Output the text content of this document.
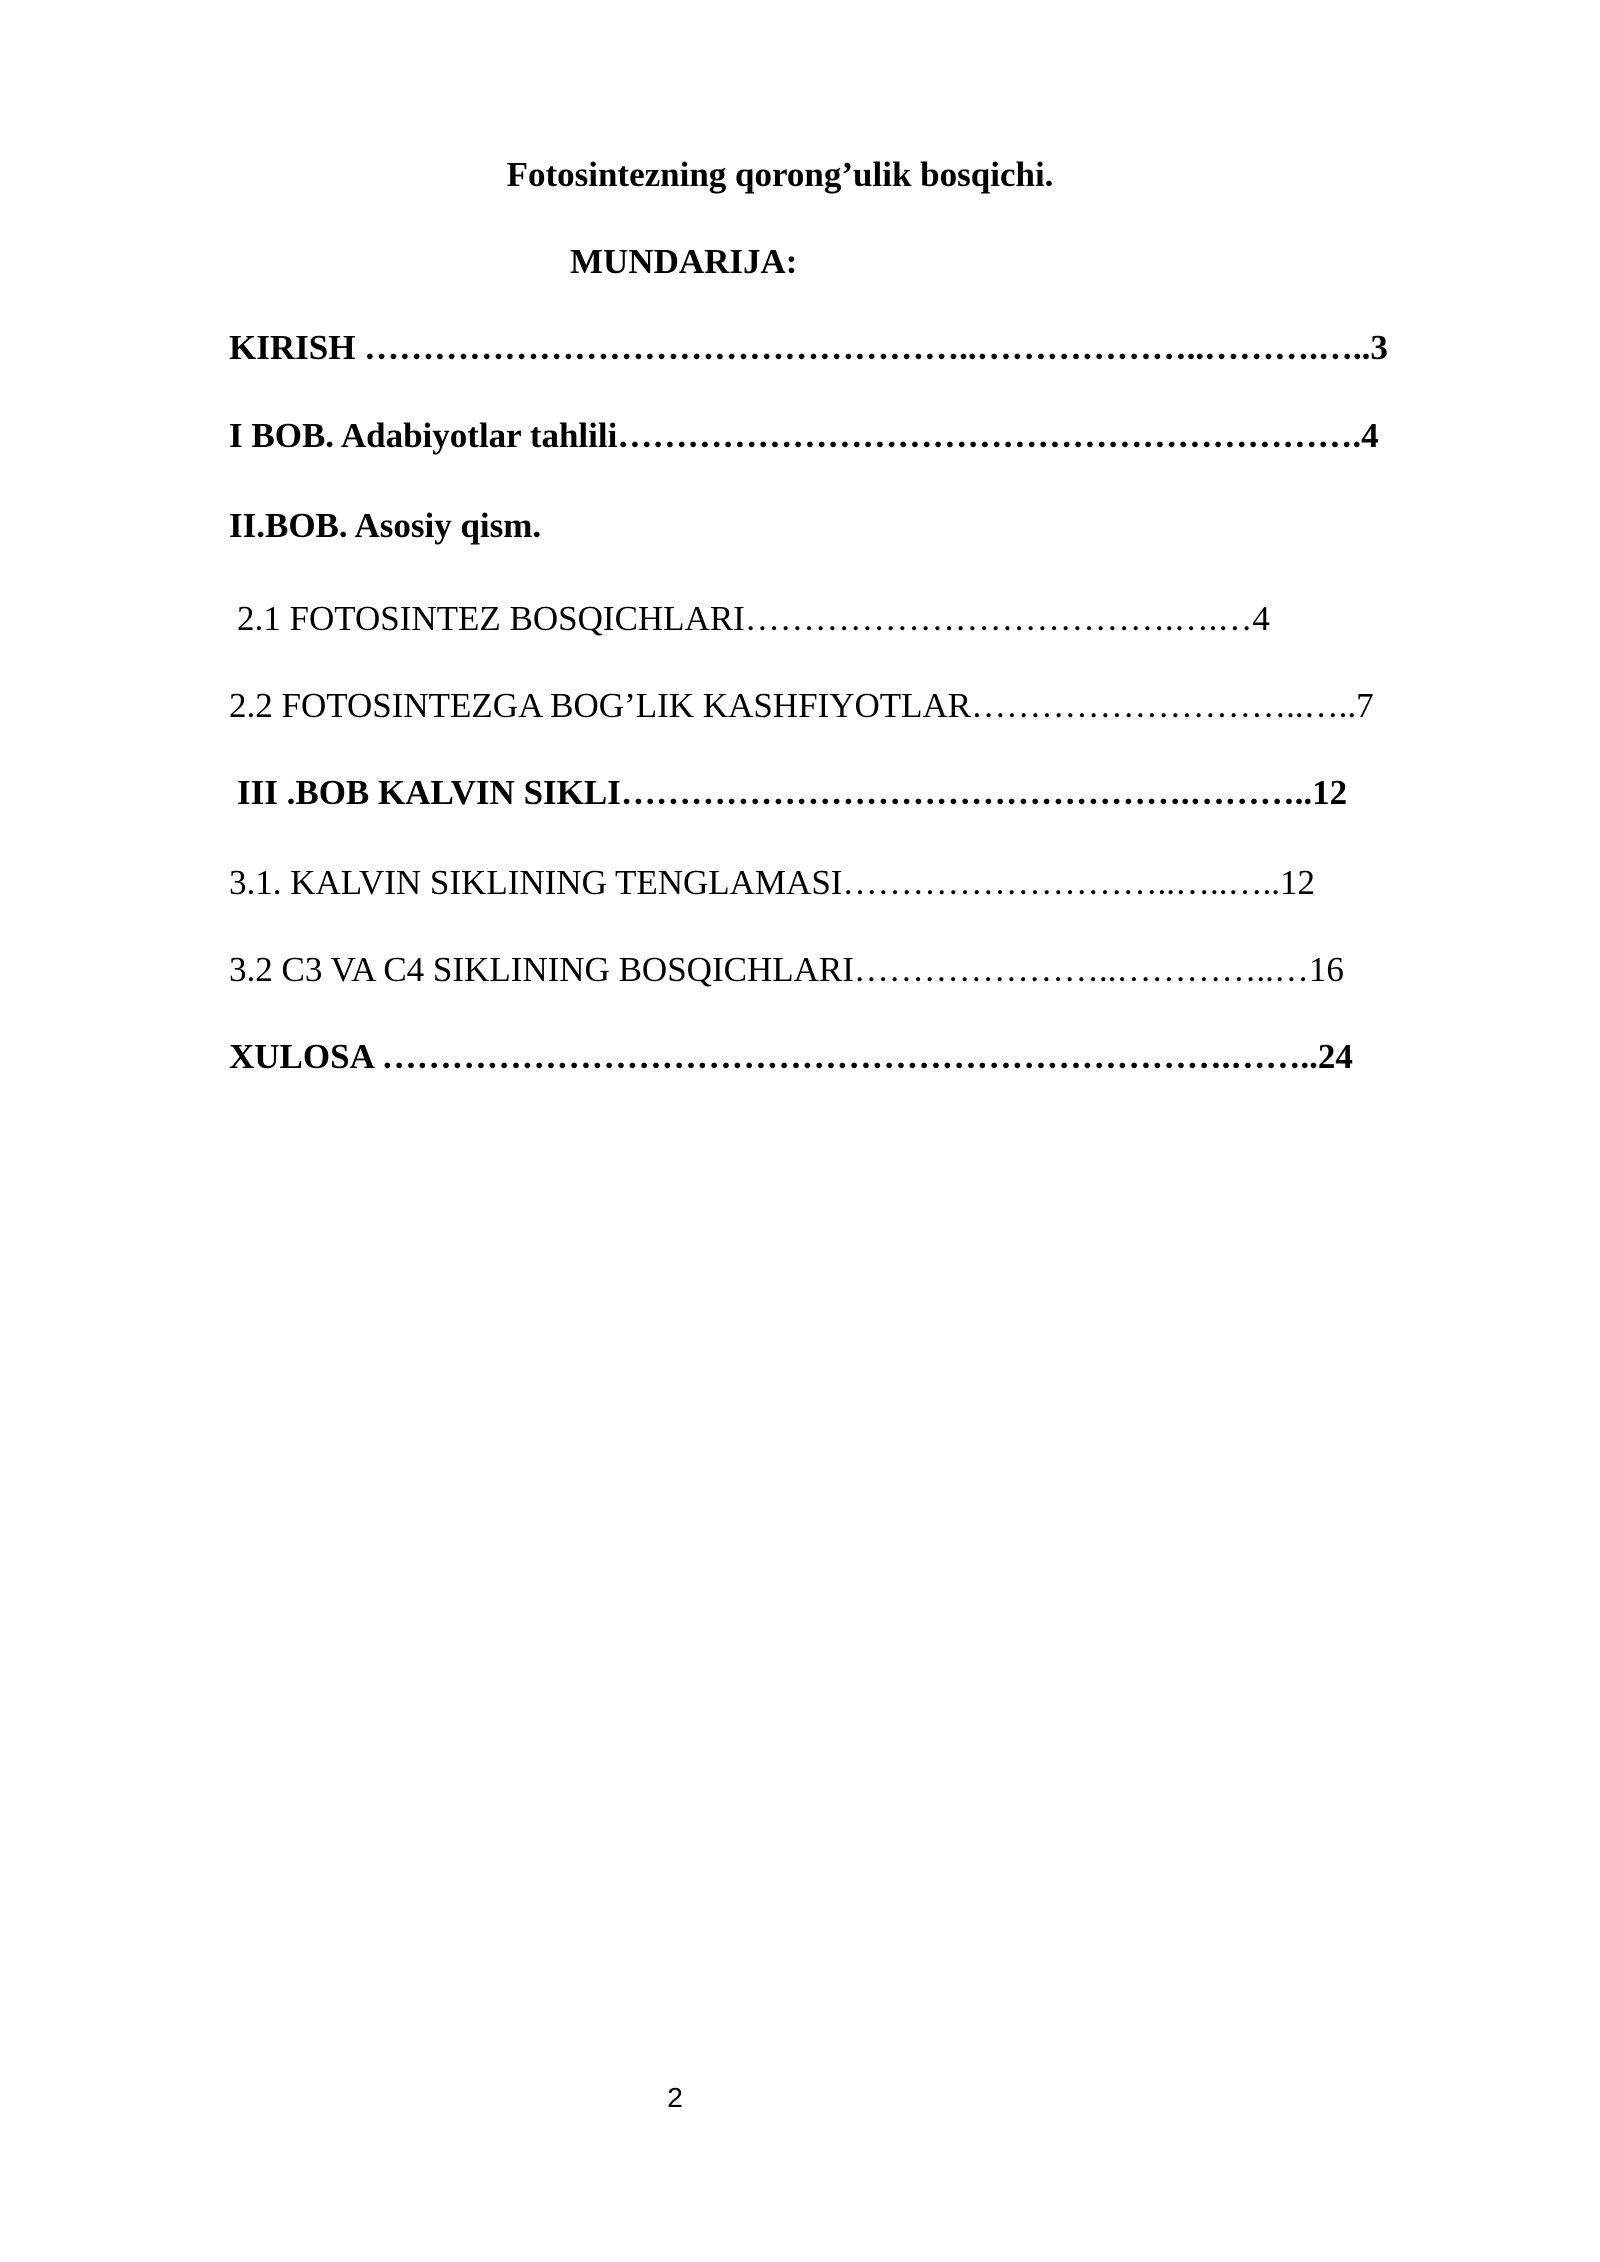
Fotosintezning qorong’ulik bosqichi.
MUNDARIJA:
KIRISH ……………………………………………..………………..……….…..3
I BOB. Adabiyotlar tahlili……………………………………………………….4
II.BOB. Asosiy qism.
2.1 FOTOSINTEZ BOSQICHLARI……………………………….….…4
2.2 FOTOSINTEZGA BOG’LIK KASHFIYOTLAR………………………..…..7
III .BOB KALVIN SIKLI………………………………………….………..12
3.1. KALVIN SIKLINING TENGLAMASI………………………..…..…..12
3.2 C3 VA C4 SIKLINING BOSQICHLARI…………………..…………..…16
XULOSA ……………………………………………………………….……..24
2
